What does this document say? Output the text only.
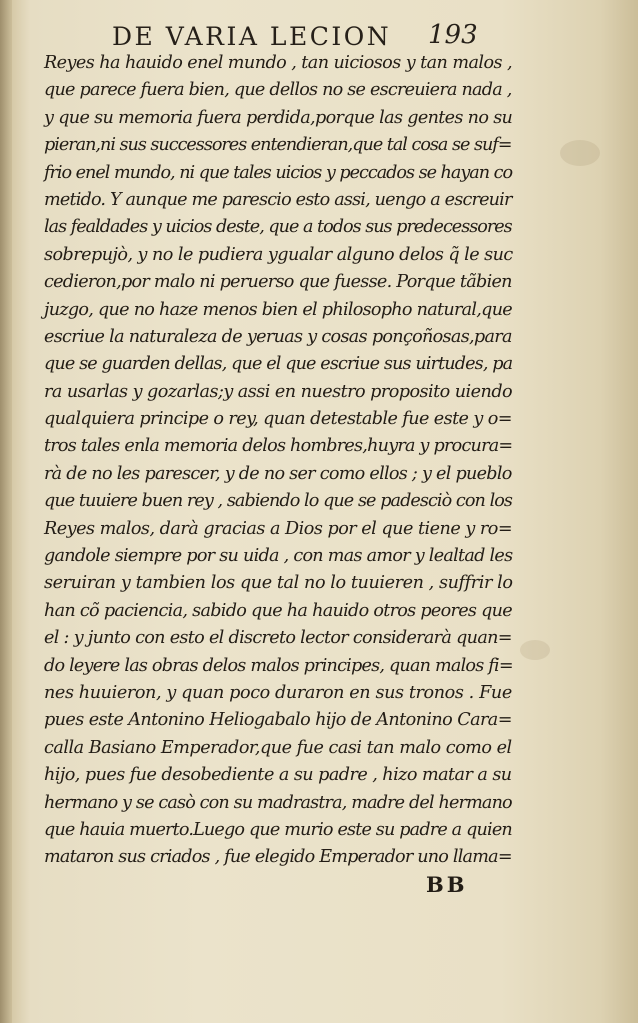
DE VARIA LECION 193
Reyes ha hauido enel mundo , tan uiciosos y tan malos ,
que parece fuera bien, que dellos no se escreuiera nada ,
y que su memoria fuera perdida,porque las gentes no su
pieran,ni sus successores entendieran,que tal cosa se suf=
frio enel mundo, ni que tales uicios y peccados se hayan co
metido. Y aunque me parescio esto assi, uengo a escreuir
las fealdades y uicios deste, que a todos sus predecessores
sobrepujò, y no le pudiera ygualar alguno delos q̃ le suc
cedieron,por malo ni peruerso que fuesse. Porque tãbien
juzgo, que no haze menos bien el philosopho natural,que
escriue la naturaleza de yeruas y cosas ponçoñosas,para
que se guarden dellas, que el que escriue sus uirtudes, pa
ra usarlas y gozarlas;y assi en nuestro proposito uiendo
qualquiera principe o rey, quan detestable fue este y o=
tros tales enla memoria delos hombres,huyra y procura=
rà de no les parescer, y de no ser como ellos ; y el pueblo
que tuuiere buen rey , sabiendo lo que se padesciò con los
Reyes malos, darà gracias a Dios por el que tiene y ro=
gandole siempre por su uida , con mas amor y lealtad les
seruiran y tambien los que tal no lo tuuieren , suffrir lo
han cõ paciencia, sabido que ha hauido otros peores que
el : y junto con esto el discreto lector considerarà quan=
do leyere las obras delos malos principes, quan malos fi=
nes huuieron, y quan poco duraron en sus tronos . Fue
pues este Antonino Heliogabalo hijo de Antonino Cara=
calla Basiano Emperador,que fue casi tan malo como el
hijo, pues fue desobediente a su padre , hizo matar a su
hermano y se casò con su madrastra, madre del hermano
que hauia muerto.Luego que murio este su padre a quien
mataron sus criados , fue elegido Emperador uno llama=
BB
